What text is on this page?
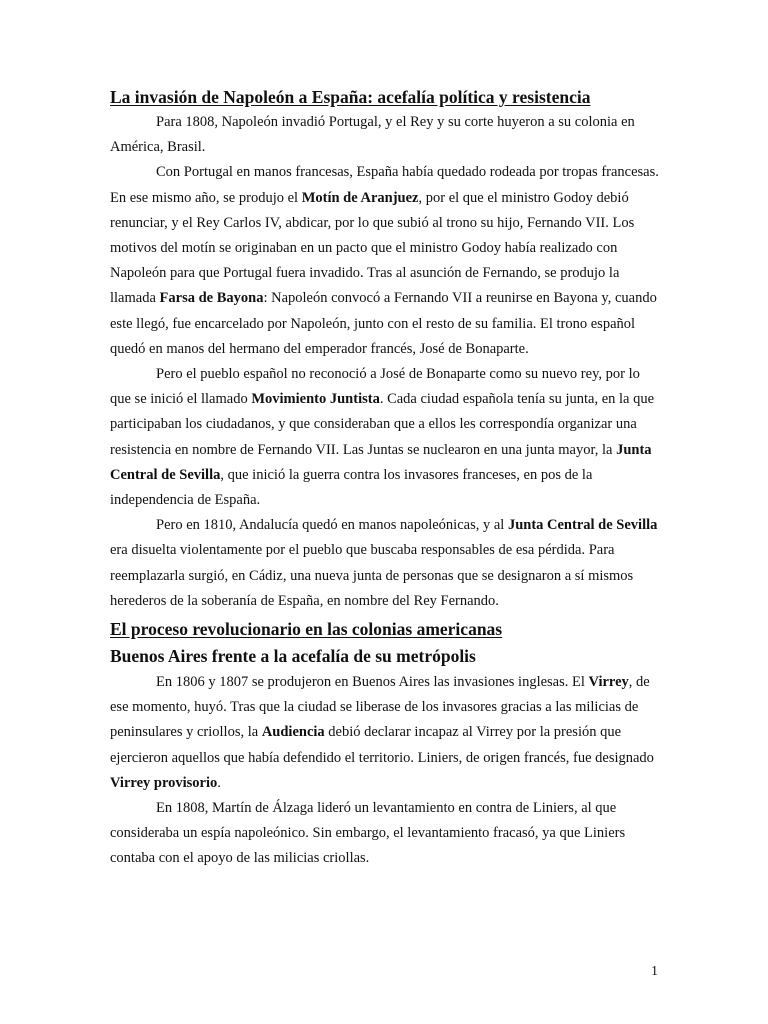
La invasión de Napoleón a España: acefalía política y resistencia

Para 1808, Napoleón invadió Portugal, y el Rey y su corte huyeron a su colonia en América, Brasil.

Con Portugal en manos francesas, España había quedado rodeada por tropas francesas. En ese mismo año, se produjo el Motín de Aranjuez, por el que el ministro Godoy debió renunciar, y el Rey Carlos IV, abdicar, por lo que subió al trono su hijo, Fernando VII. Los motivos del motín se originaban en un pacto que el ministro Godoy había realizado con Napoleón para que Portugal fuera invadido. Tras al asunción de Fernando, se produjo la llamada Farsa de Bayona: Napoleón convocó a Fernando VII a reunirse en Bayona y, cuando este llegó, fue encarcelado por Napoleón, junto con el resto de su familia. El trono español quedó en manos del hermano del emperador francés, José de Bonaparte.

Pero el pueblo español no reconoció a José de Bonaparte como su nuevo rey, por lo que se inició el llamado Movimiento Juntista. Cada ciudad española tenía su junta, en la que participaban los ciudadanos, y que consideraban que a ellos les correspondía organizar una resistencia en nombre de Fernando VII. Las Juntas se nuclearon en una junta mayor, la Junta Central de Sevilla, que inició la guerra contra los invasores franceses, en pos de la independencia de España.

Pero en 1810, Andalucía quedó en manos napoleónicas, y al Junta Central de Sevilla era disuelta violentamente por el pueblo que buscaba responsables de esa pérdida. Para reemplazarla surgió, en Cádiz, una nueva junta de personas que se designaron a sí mismos herederos de la soberanía de España, en nombre del Rey Fernando.

El proceso revolucionario en las colonias americanas
Buenos Aires frente a la acefalía de su metrópolis

En 1806 y 1807 se produjeron en Buenos Aires las invasiones inglesas. El Virrey, de ese momento, huyó. Tras que la ciudad se liberase de los invasores gracias a las milicias de peninsulares y criollos, la Audiencia debió declarar incapaz al Virrey por la presión que ejercieron aquellos que había defendido el territorio. Liniers, de origen francés, fue designado Virrey provisorio.

En 1808, Martín de Álzaga lideró un levantamiento en contra de Liniers, al que consideraba un espía napoleónico. Sin embargo, el levantamiento fracasó, ya que Liniers contaba con el apoyo de las milicias criollas.

1
